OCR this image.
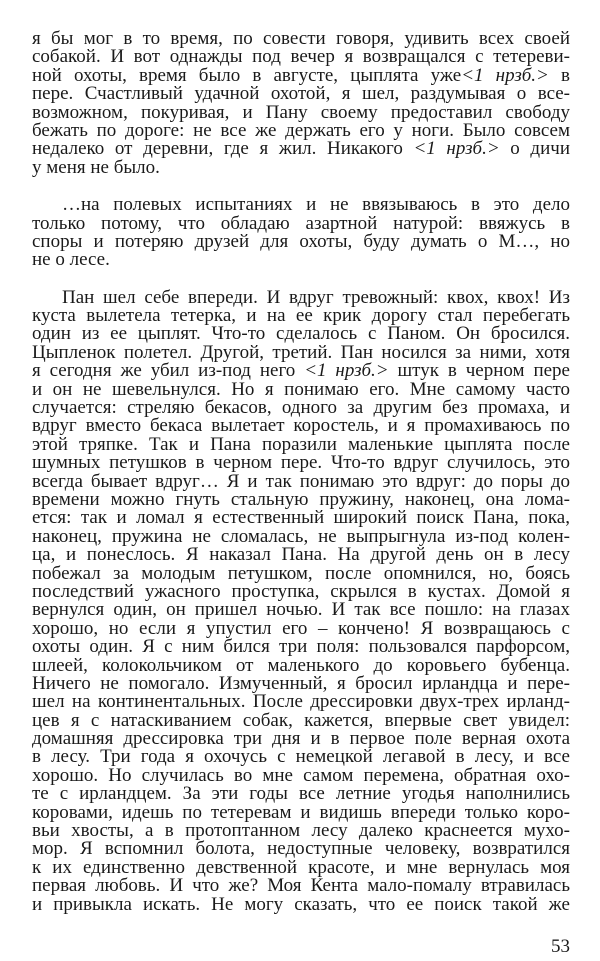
я бы мог в то время, по совести говоря, удивить всех своей
собакой. И вот однажды под вечер я возвращался с тетереви-
ной охоты, время было в августе, цыплята уже<1 нрзб.> в
пере. Счастливый удачной охотой, я шел, раздумывая о все-
возможном, покуривая, и Пану своему предоставил свободу
бежать по дороге: не все же держать его у ноги. Было совсем
недалеко от деревни, где я жил. Никакого <1 нрзб.> о дичи
у меня не было.
…на полевых испытаниях и не ввязываюсь в это дело
только потому, что обладаю азартной натурой: ввяжусь в
споры и потеряю друзей для охоты, буду думать о М…, но
не о лесе.
Пан шел себе впереди. И вдруг тревожный: квох, квох! Из
куста вылетела тетерка, и на ее крик дорогу стал перебегать
один из ее цыплят. Что-то сделалось с Паном. Он бросился.
Цыпленок полетел. Другой, третий. Пан носился за ними, хотя
я сегодня же убил из-под него <1 нрзб.> штук в черном пере
и он не шевельнулся. Но я понимаю его. Мне самому часто
случается: стреляю бекасов, одного за другим без промаха, и
вдруг вместо бекаса вылетает коростель, и я промахиваюсь по
этой тряпке. Так и Пана поразили маленькие цыплята после
шумных петушков в черном пере. Что-то вдруг случилось, это
всегда бывает вдруг… Я и так понимаю это вдруг: до поры до
времени можно гнуть стальную пружину, наконец, она лома-
ется: так и ломал я естественный широкий поиск Пана, пока,
наконец, пружина не сломалась, не выпрыгнула из-под колен-
ца, и понеслось. Я наказал Пана. На другой день он в лесу
побежал за молодым петушком, после опомнился, но, боясь
последствий ужасного проступка, скрылся в кустах. Домой я
вернулся один, он пришел ночью. И так все пошло: на глазах
хорошо, но если я упустил его – кончено! Я возвращаюсь с
охоты один. Я с ним бился три поля: пользовался парфорсом,
шлеей, колокольчиком от маленького до коровьего бубенца.
Ничего не помогало. Измученный, я бросил ирландца и пере-
шел на континентальных. После дрессировки двух-трех ирланд-
цев я с натаскиванием собак, кажется, впервые свет увидел:
домашняя дрессировка три дня и в первое поле верная охота
в лесу. Три года я охочусь с немецкой легавой в лесу, и все
хорошо. Но случилась во мне самом перемена, обратная охо-
те с ирландцем. За эти годы все летние угодья наполнились
коровами, идешь по тетеревам и видишь впереди только коро-
вьи хвосты, а в протоптанном лесу далеко краснеется мухо-
мор. Я вспомнил болота, недоступные человеку, возвратился
к их единственно девственной красоте, и мне вернулась моя
первая любовь. И что же? Моя Кента мало-помалу втравилась
и привыкла искать. Не могу сказать, что ее поиск такой же
53
